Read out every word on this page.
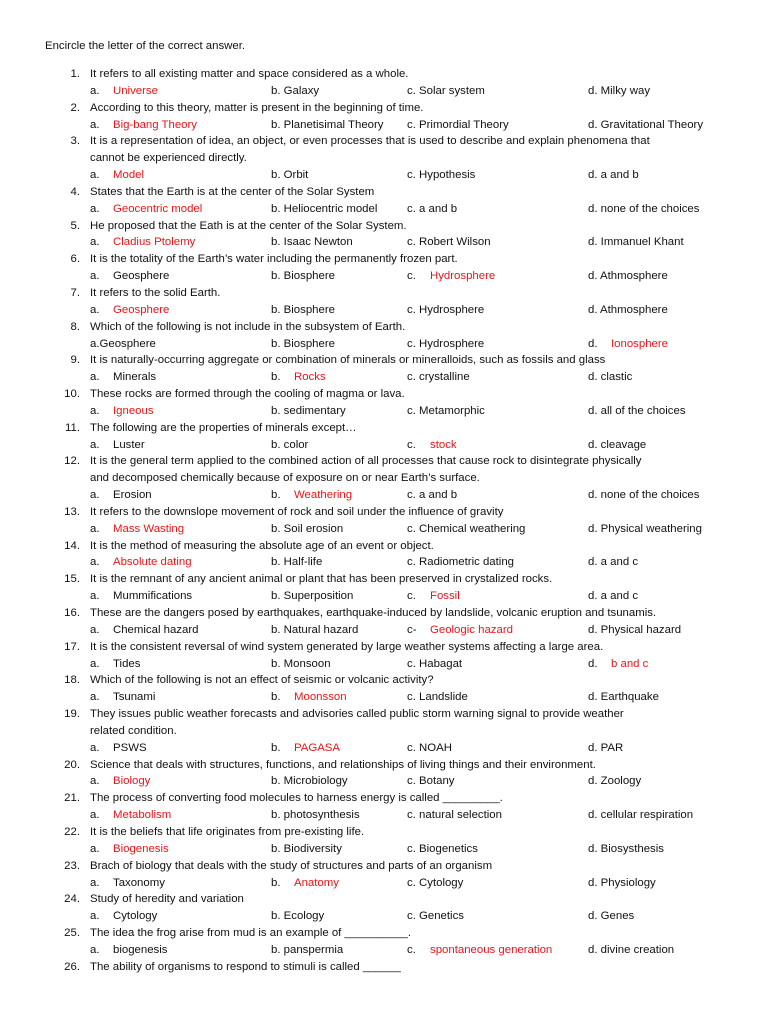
Encircle the letter of the correct answer.
1. It refers to all existing matter and space considered as a whole.
a. Universe	b. Galaxy	c. Solar system	d. Milky way
2. According to this theory, matter is present in the beginning of time.
a. Big-bang Theory	b. Planetisimal Theory c. Primordial Theory	d. Gravitational Theory
3. It is a representation of idea, an object, or even processes that is used to describe and explain phenomena that
cannot be experienced directly.
a. Model	b. Orbit	c. Hypothesis	d. a and b
4. States that the Earth is at the center of the Solar System
a. Geocentric model	b. Heliocentric model	c. a and b	d. none of the choices
5. He proposed that the Eath is at the center of the Solar System.
a. Cladius Ptolemy	b. Isaac Newton	c. Robert Wilson	d. Immanuel Khant
6. It is the totality of the Earth’s water including the permanently frozen part.
a. Geosphere	b. Biosphere	c. Hydrosphere	d. Athmosphere
7. It refers to the solid Earth.
a. Geosphere	b. Biosphere	c. Hydrosphere	d. Athmosphere
8. Which of the following is not include in the subsystem of Earth.
a.Geosphere	b. Biosphere	c. Hydrosphere	d. Ionosphere
9. It is naturally-occurring aggregate or combination of minerals or mineralloids, such as fossils and glass
a. Minerals	b. Rocks	c. crystalline	d. clastic
10. These rocks are formed through the cooling of magma or lava.
a. Igneous	b. sedimentary	c. Metamorphic	d. all of the choices
11. The following are the properties of minerals except…
a. Luster	b. color	c. stock	d. cleavage
12. It is the general term applied to the combined action of all processes that cause rock to disintegrate physically
and decomposed chemically because of exposure on or near Earth’s surface.
a. Erosion	b. Weathering	c. a and b	d. none of the choices
13. It refers to the downslope movement of rock and soil under the influence of gravity
a. Mass Wasting	b. Soil erosion	c. Chemical weathering	d. Physical weathering
14. It is the method of measuring the absolute age of an event or object.
a. Absolute dating	b. Half-life	c. Radiometric dating	d. a and c
15. It is the remnant of any ancient animal or plant that has been preserved in crystalized rocks.
a. Mummifications	b. Superposition	c. Fossil	d. a and c
16. These are the dangers posed by earthquakes, earthquake-induced by landslide, volcanic eruption and tsunamis.
a. Chemical hazard	b. Natural hazard	c- Geologic hazard	d. Physical hazard
17. It is the consistent reversal of wind system generated by large weather systems affecting a large area.
a. Tides	b. Monsoon	c. Habagat	d. b and c
18. Which of the following is not an effect of seismic or volcanic activity?
a. Tsunami	b. Moonsson	c. Landslide	d. Earthquake
19. They issues public weather forecasts and advisories called public storm warning signal to provide weather
related condition.
a. PSWS	b. PAGASA	c. NOAH	d. PAR
20. Science that deals with structures, functions, and relationships of living things and their environment.
a. Biology	b. Microbiology	c. Botany	d. Zoology
21. The process of converting food molecules to harness energy is called _________.
a. Metabolism	b. photosynthesis	c. natural selection	d. cellular respiration
22. It is the beliefs that life originates from pre-existing life.
a. Biogenesis	b. Biodiversity	c. Biogenetics	d. Biosysthesis
23. Brach of biology that deals with the study of structures and parts of an organism
a. Taxonomy	b. Anatomy	c. Cytology	d. Physiology
24. Study of heredity and variation
a. Cytology	b. Ecology	c. Genetics	d. Genes
25. The idea the frog arise from mud is an example of __________.
a. biogenesis	b. panspermia	c. spontaneous generation	d. divine creation
26. The ability of organisms to respond to stimuli is called ______
